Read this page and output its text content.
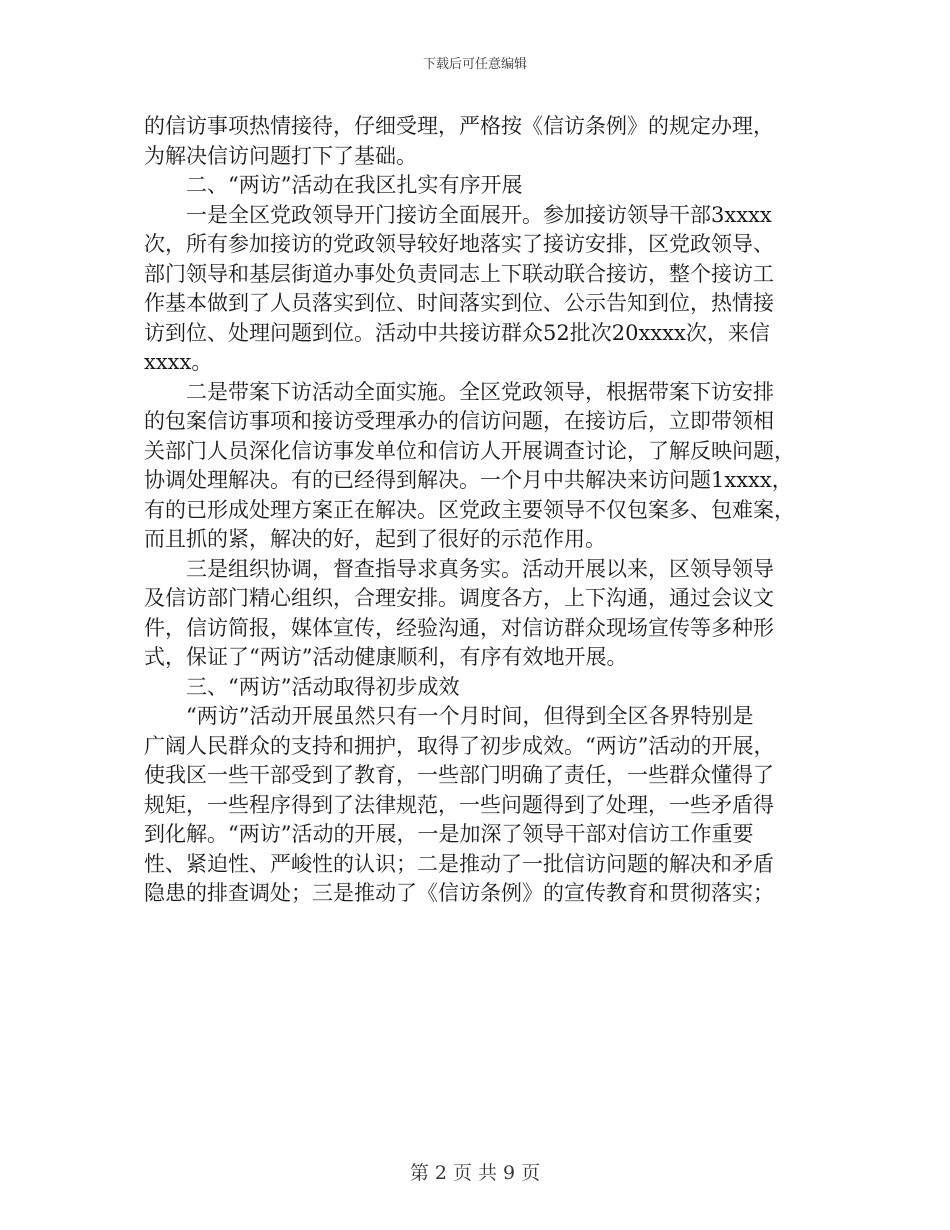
下载后可任意编辑
的信访事项热情接待，仔细受理，严格按《信访条例》的规定办理，
为解决信访问题打下了基础。
二、“两访”活动在我区扎实有序开展
一是全区党政领导开门接访全面展开。参加接访领导干部3xxxx
次，所有参加接访的党政领导较好地落实了接访安排，区党政领导、
部门领导和基层街道办事处负责同志上下联动联合接访，整个接访工
作基本做到了人员落实到位、时间落实到位、公示告知到位，热情接
访到位、处理问题到位。活动中共接访群众52批次20xxxx次，来信
xxxx。
二是带案下访活动全面实施。全区党政领导，根据带案下访安排
的包案信访事项和接访受理承办的信访问题，在接访后，立即带领相
关部门人员深化信访事发单位和信访人开展调查讨论，了解反映问题，
协调处理解决。有的已经得到解决。一个月中共解决来访问题1xxxx，
有的已形成处理方案正在解决。区党政主要领导不仅包案多、包难案，
而且抓的紧，解决的好，起到了很好的示范作用。
三是组织协调，督查指导求真务实。活动开展以来，区领导领导
及信访部门精心组织，合理安排。调度各方，上下沟通，通过会议文
件，信访简报，媒体宣传，经验沟通，对信访群众现场宣传等多种形
式，保证了“两访”活动健康顺利，有序有效地开展。
三、“两访”活动取得初步成效
“两访”活动开展虽然只有一个月时间，但得到全区各界特别是
广阔人民群众的支持和拥护，取得了初步成效。“两访”活动的开展，
使我区一些干部受到了教育，一些部门明确了责任，一些群众懂得了
规矩，一些程序得到了法律规范，一些问题得到了处理，一些矛盾得
到化解。“两访”活动的开展，一是加深了领导干部对信访工作重要
性、紧迫性、严峻性的认识；二是推动了一批信访问题的解决和矛盾
隐患的排查调处；三是推动了《信访条例》的宣传教育和贯彻落实；
第 2 页 共 9 页
